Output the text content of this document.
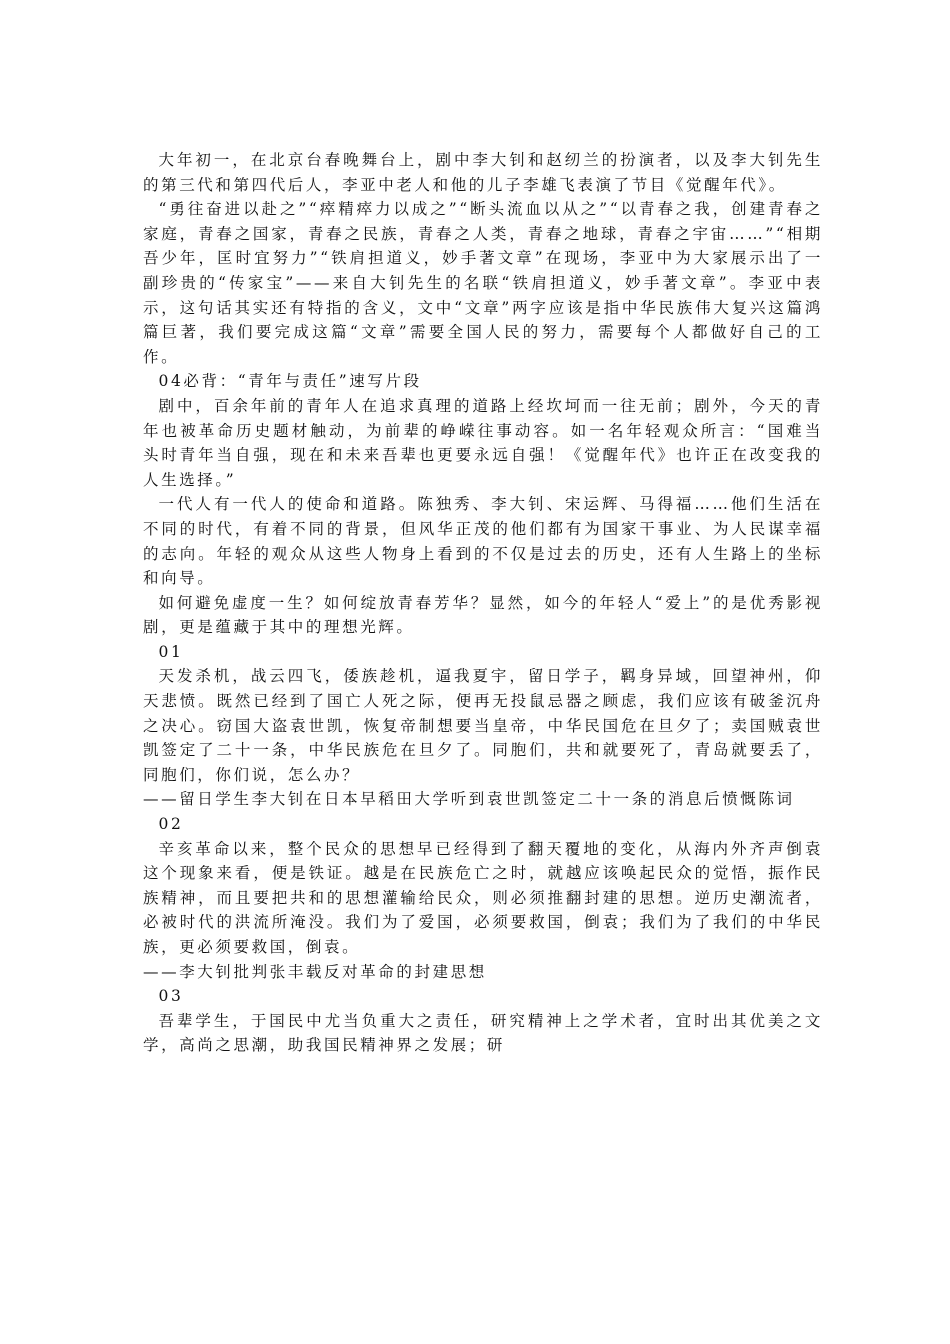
大年初一，在北京台春晚舞台上，剧中李大钊和赵纫兰的扮演者，以及李大钊先生的第三代和第四代后人，李亚中老人和他的儿子李雄飞表演了节目《觉醒年代》。

“勇往奋进以赴之”“瘁精瘁力以成之”“断头流血以从之”“以青春之我，创建青春之家庭，青春之国家，青春之民族，青春之人类，青春之地球，青春之宇宙……”“相期吾少年，匡时宜努力”“铁肩担道义，妙手著文章”在现场，李亚中为大家展示出了一副珍贵的“传家宝”——来自大钊先生的名联“铁肩担道义，妙手著文章”。李亚中表示，这句话其实还有特指的含义，文中“文章”两字应该是指中华民族伟大复兴这篇鸿篇巨著，我们要完成这篇“文章”需要全国人民的努力，需要每个人都做好自己的工作。

04必背：“青年与责任”速写片段

剧中，百余年前的青年人在追求真理的道路上经坎坷而一往无前；剧外，今天的青年也被革命历史题材触动，为前辈的峥嵘往事动容。如一名年轻观众所言：“国难当头时青年当自强，现在和未来吾辈也更要永远自强！《觉醒年代》也许正在改变我的人生选择。”

一代人有一代人的使命和道路。陈独秀、李大钊、宋运辉、马得福……他们生活在不同的时代，有着不同的背景，但风华正茂的他们都有为国家干事业、为人民谋幸福的志向。年轻的观众从这些人物身上看到的不仅是过去的历史，还有人生路上的坐标和向导。

如何避免虚度一生？如何绽放青春芳华？显然，如今的年轻人“爱上”的是优秀影视剧，更是蕴藏于其中的理想光辉。

01

天发杀机，战云四飞，倭族趁机，逼我夏宇，留日学子，羁身异域，回望神州，仰天悲愤。既然已经到了国亡人死之际，便再无投鼠忌器之顾虑，我们应该有破釜沉舟之决心。窃国大盗袁世凯，恢复帝制想要当皇帝，中华民国危在旦夕了；卖国贼袁世凯签定了二十一条，中华民族危在旦夕了。同胞们，共和就要死了，青岛就要丢了，同胞们，你们说，怎么办？

——留日学生李大钊在日本早稻田大学听到袁世凯签定二十一条的消息后愤慨陈词

02

辛亥革命以来，整个民众的思想早已经得到了翻天覆地的变化，从海内外齐声倒袁这个现象来看，便是铁证。越是在民族危亡之时，就越应该唤起民众的觉悟，振作民族精神，而且要把共和的思想灌输给民众，则必须推翻封建的思想。逆历史潮流者，必被时代的洪流所淹没。我们为了爱国，必须要救国，倒袁；我们为了我们的中华民族，更必须要救国，倒袁。

——李大钊批判张丰载反对革命的封建思想

03

吾辈学生，于国民中尤当负重大之责任，研究精神上之学术者，宜时出其优美之文学，高尚之思潮，助我国民精神界之发展；研
